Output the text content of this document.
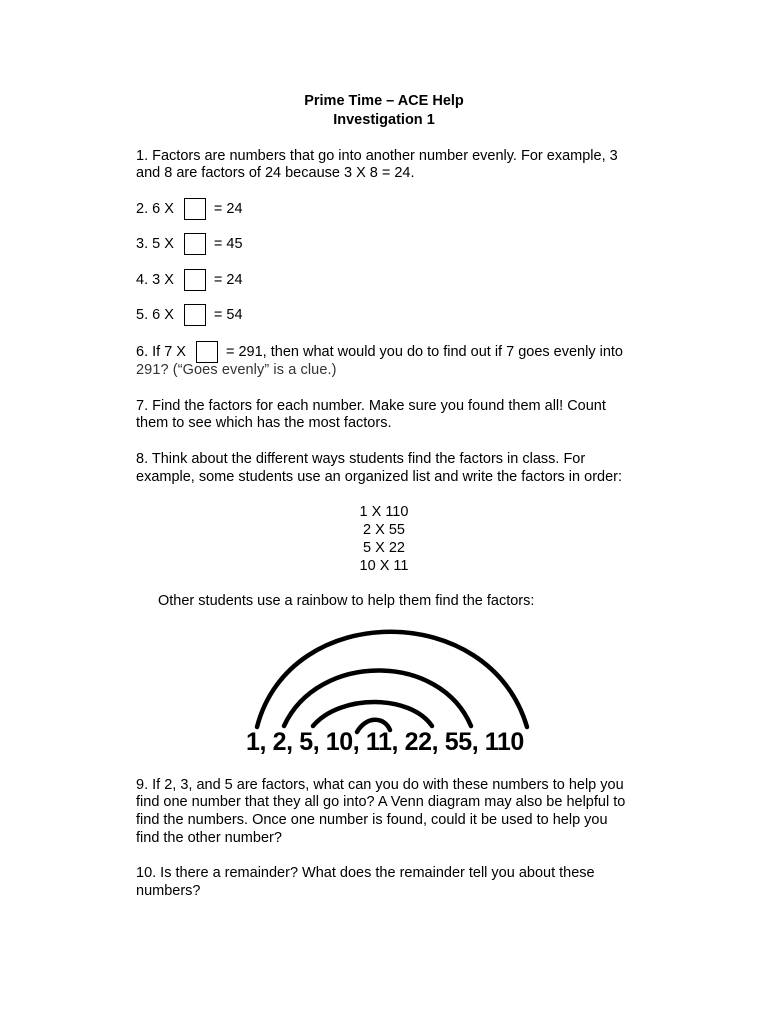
Prime Time – ACE Help
Investigation 1
1. Factors are numbers that go into another number evenly. For example, 3
and 8 are factors of 24 because 3 X 8 = 24.
2. 6 X	= 24
3. 5 X	= 45
4. 3 X	= 24
5. 6 X	= 54
6. If 7 X	= 291, then what would you do to find out if 7 goes evenly into
291? (“Goes evenly” is a clue.)
7. Find the factors for each number. Make sure you found them all! Count
them to see which has the most factors.
8. Think about the different ways students find the factors in class. For
example, some students use an organized list and write the factors in order:
1 X 110
2 X 55
5 X 22
10 X 11
Other students use a rainbow to help them find the factors:
1, 2, 5, 10, 11, 22, 55, 110
9. If 2, 3, and 5 are factors, what can you do with these numbers to help you
find one number that they all go into? A Venn diagram may also be helpful to
find the numbers. Once one number is found, could it be used to help you
find the other number?
10. Is there a remainder? What does the remainder tell you about these
numbers?
